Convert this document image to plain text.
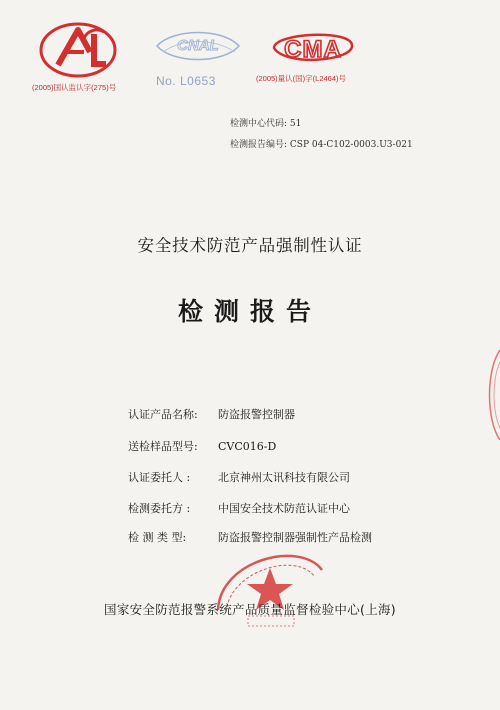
(2005)国认监认字(275)号
CNAL
No. L0653
CMA
(2005)量认(国)字(L2464)号
检测中心代码: 51
检测报告编号: CSP 04-C102-0003.U3-021
安全技术防范产品强制性认证
检测报告
认证产品名称: 防盗报警控制器
送检样品型号: CVC016-D
认证委托人 :	北京神州太讯科技有限公司
检测委托方 :	中国安全技术防范认证中心
检 测 类 型:	防盗报警控制器强制性产品检测
国家安全防范报警系统产品质量监督检验中心(上海)
